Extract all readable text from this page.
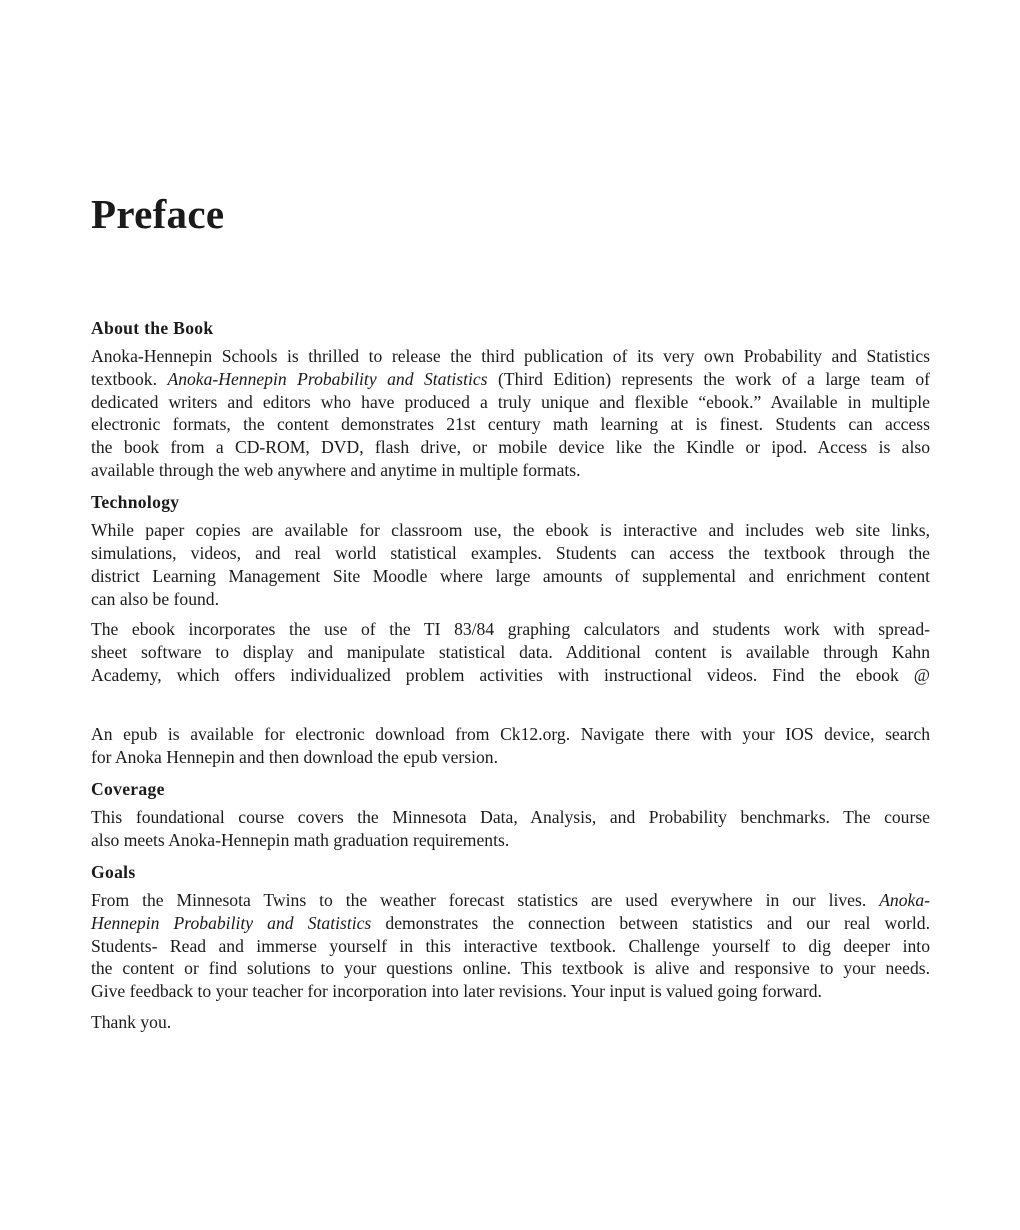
Preface
About the Book
Anoka-Hennepin Schools is thrilled to release the third publication of its very own Probability and Statistics
textbook. Anoka-Hennepin Probability and Statistics (Third Edition) represents the work of a large team of
dedicated writers and editors who have produced a truly unique and flexible “ebook.” Available in multiple
electronic formats, the content demonstrates 21st century math learning at is finest. Students can access
the book from a CD-ROM, DVD, flash drive, or mobile device like the Kindle or ipod. Access is also
available through the web anywhere and anytime in multiple formats.
Technology
While paper copies are available for classroom use, the ebook is interactive and includes web site links,
simulations, videos, and real world statistical examples. Students can access the textbook through the
district Learning Management Site Moodle where large amounts of supplemental and enrichment content
can also be found.
The ebook incorporates the use of the TI 83/84 graphing calculators and students work with spread-
sheet software to display and manipulate statistical data. Additional content is available through Kahn
Academy, which offers individualized problem activities with instructional videos. Find the ebook @
An epub is available for electronic download from Ck12.org. Navigate there with your IOS device, search
for Anoka Hennepin and then download the epub version.
Coverage
This foundational course covers the Minnesota Data, Analysis, and Probability benchmarks. The course
also meets Anoka-Hennepin math graduation requirements.
Goals
From the Minnesota Twins to the weather forecast statistics are used everywhere in our lives. Anoka-
Hennepin Probability and Statistics demonstrates the connection between statistics and our real world.
Students- Read and immerse yourself in this interactive textbook. Challenge yourself to dig deeper into
the content or find solutions to your questions online. This textbook is alive and responsive to your needs.
Give feedback to your teacher for incorporation into later revisions. Your input is valued going forward.
Thank you.
